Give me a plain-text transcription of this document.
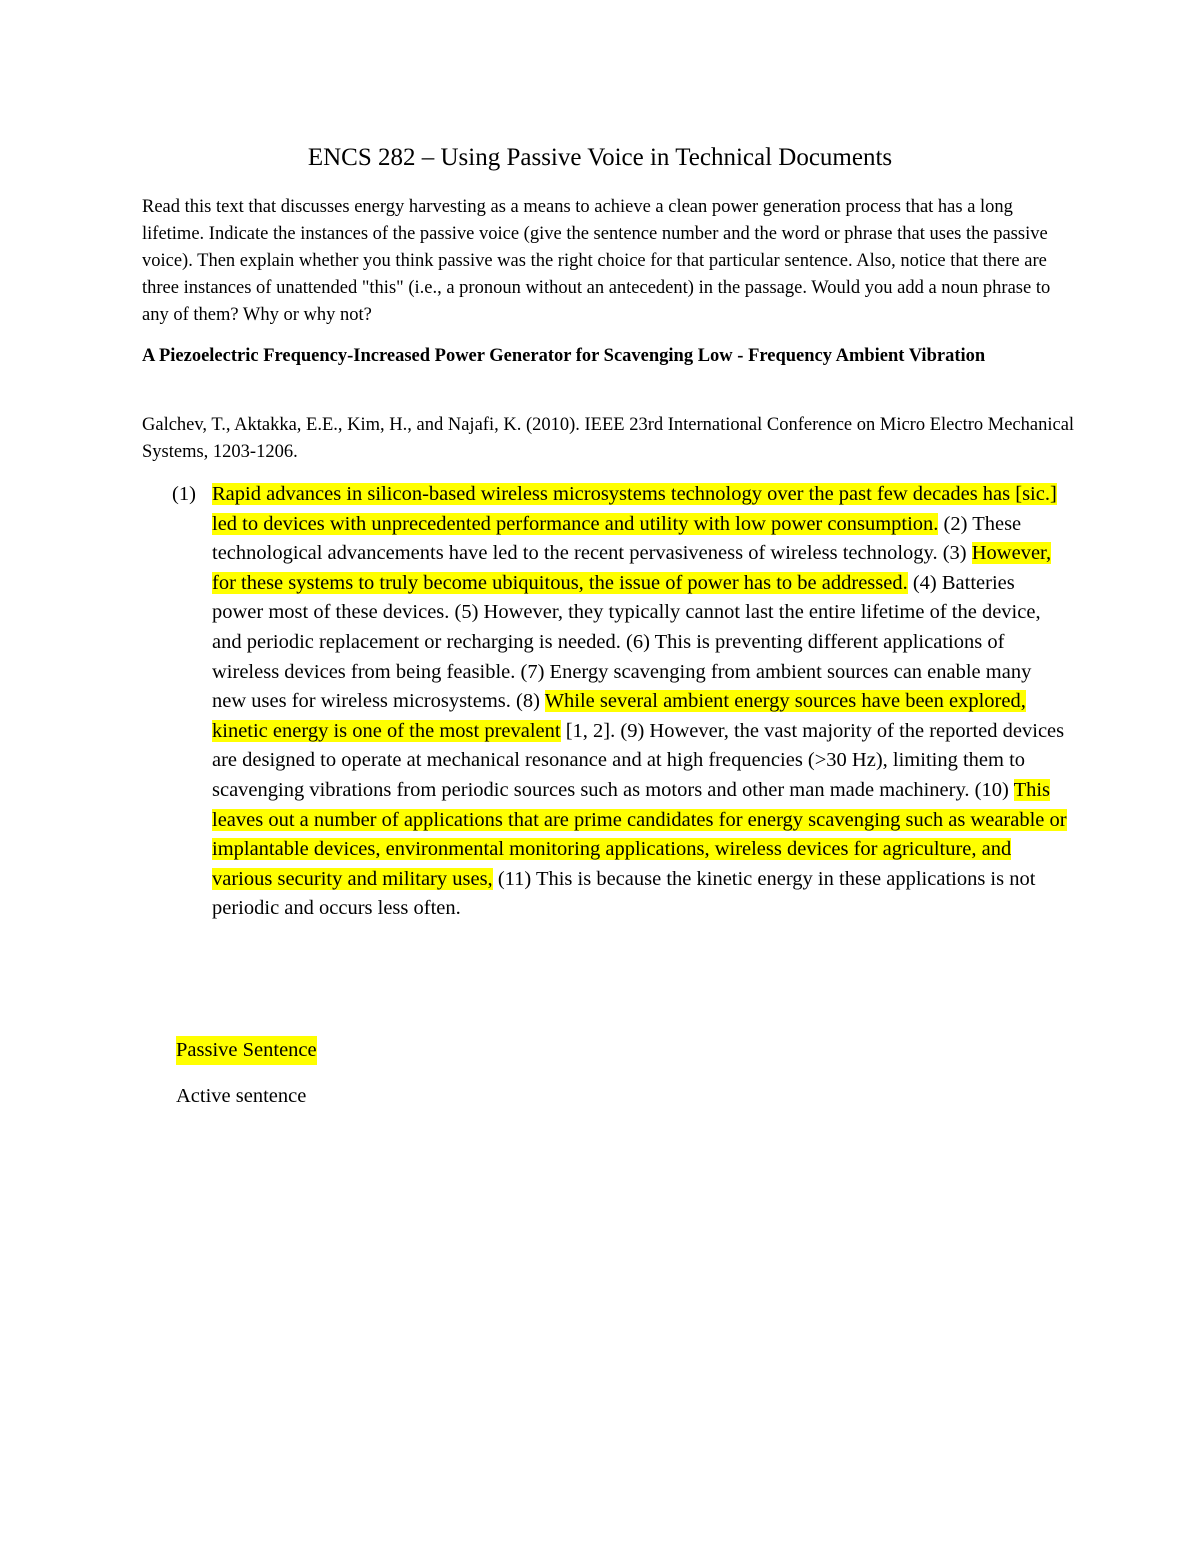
ENCS 282 – Using Passive Voice in Technical Documents

Read this text that discusses energy harvesting as a means to achieve a clean power generation process that has a long lifetime. Indicate the instances of the passive voice (give the sentence number and the word or phrase that uses the passive voice). Then explain whether you think passive was the right choice for that particular sentence. Also, notice that there are three instances of unattended "this" (i.e., a pronoun without an antecedent) in the passage. Would you add a noun phrase to any of them? Why or why not?

A Piezoelectric Frequency-Increased Power Generator for Scavenging Low - Frequency Ambient Vibration

Galchev, T., Aktakka, E.E., Kim, H., and Najafi, K. (2010). IEEE 23rd International Conference on Micro Electro Mechanical Systems, 1203-1206.

(1) Rapid advances in silicon-based wireless microsystems technology over the past few decades has [sic.] led to devices with unprecedented performance and utility with low power consumption. (2) These technological advancements have led to the recent pervasiveness of wireless technology. (3) However, for these systems to truly become ubiquitous, the issue of power has to be addressed. (4) Batteries power most of these devices. (5) However, they typically cannot last the entire lifetime of the device, and periodic replacement or recharging is needed. (6) This is preventing different applications of wireless devices from being feasible. (7) Energy scavenging from ambient sources can enable many new uses for wireless microsystems. (8) While several ambient energy sources have been explored, kinetic energy is one of the most prevalent [1, 2]. (9) However, the vast majority of the reported devices are designed to operate at mechanical resonance and at high frequencies (>30 Hz), limiting them to scavenging vibrations from periodic sources such as motors and other man made machinery. (10) This leaves out a number of applications that are prime candidates for energy scavenging such as wearable or implantable devices, environmental monitoring applications, wireless devices for agriculture, and various security and military uses, (11) This is because the kinetic energy in these applications is not periodic and occurs less often.
Passive Sentence
Active sentence
